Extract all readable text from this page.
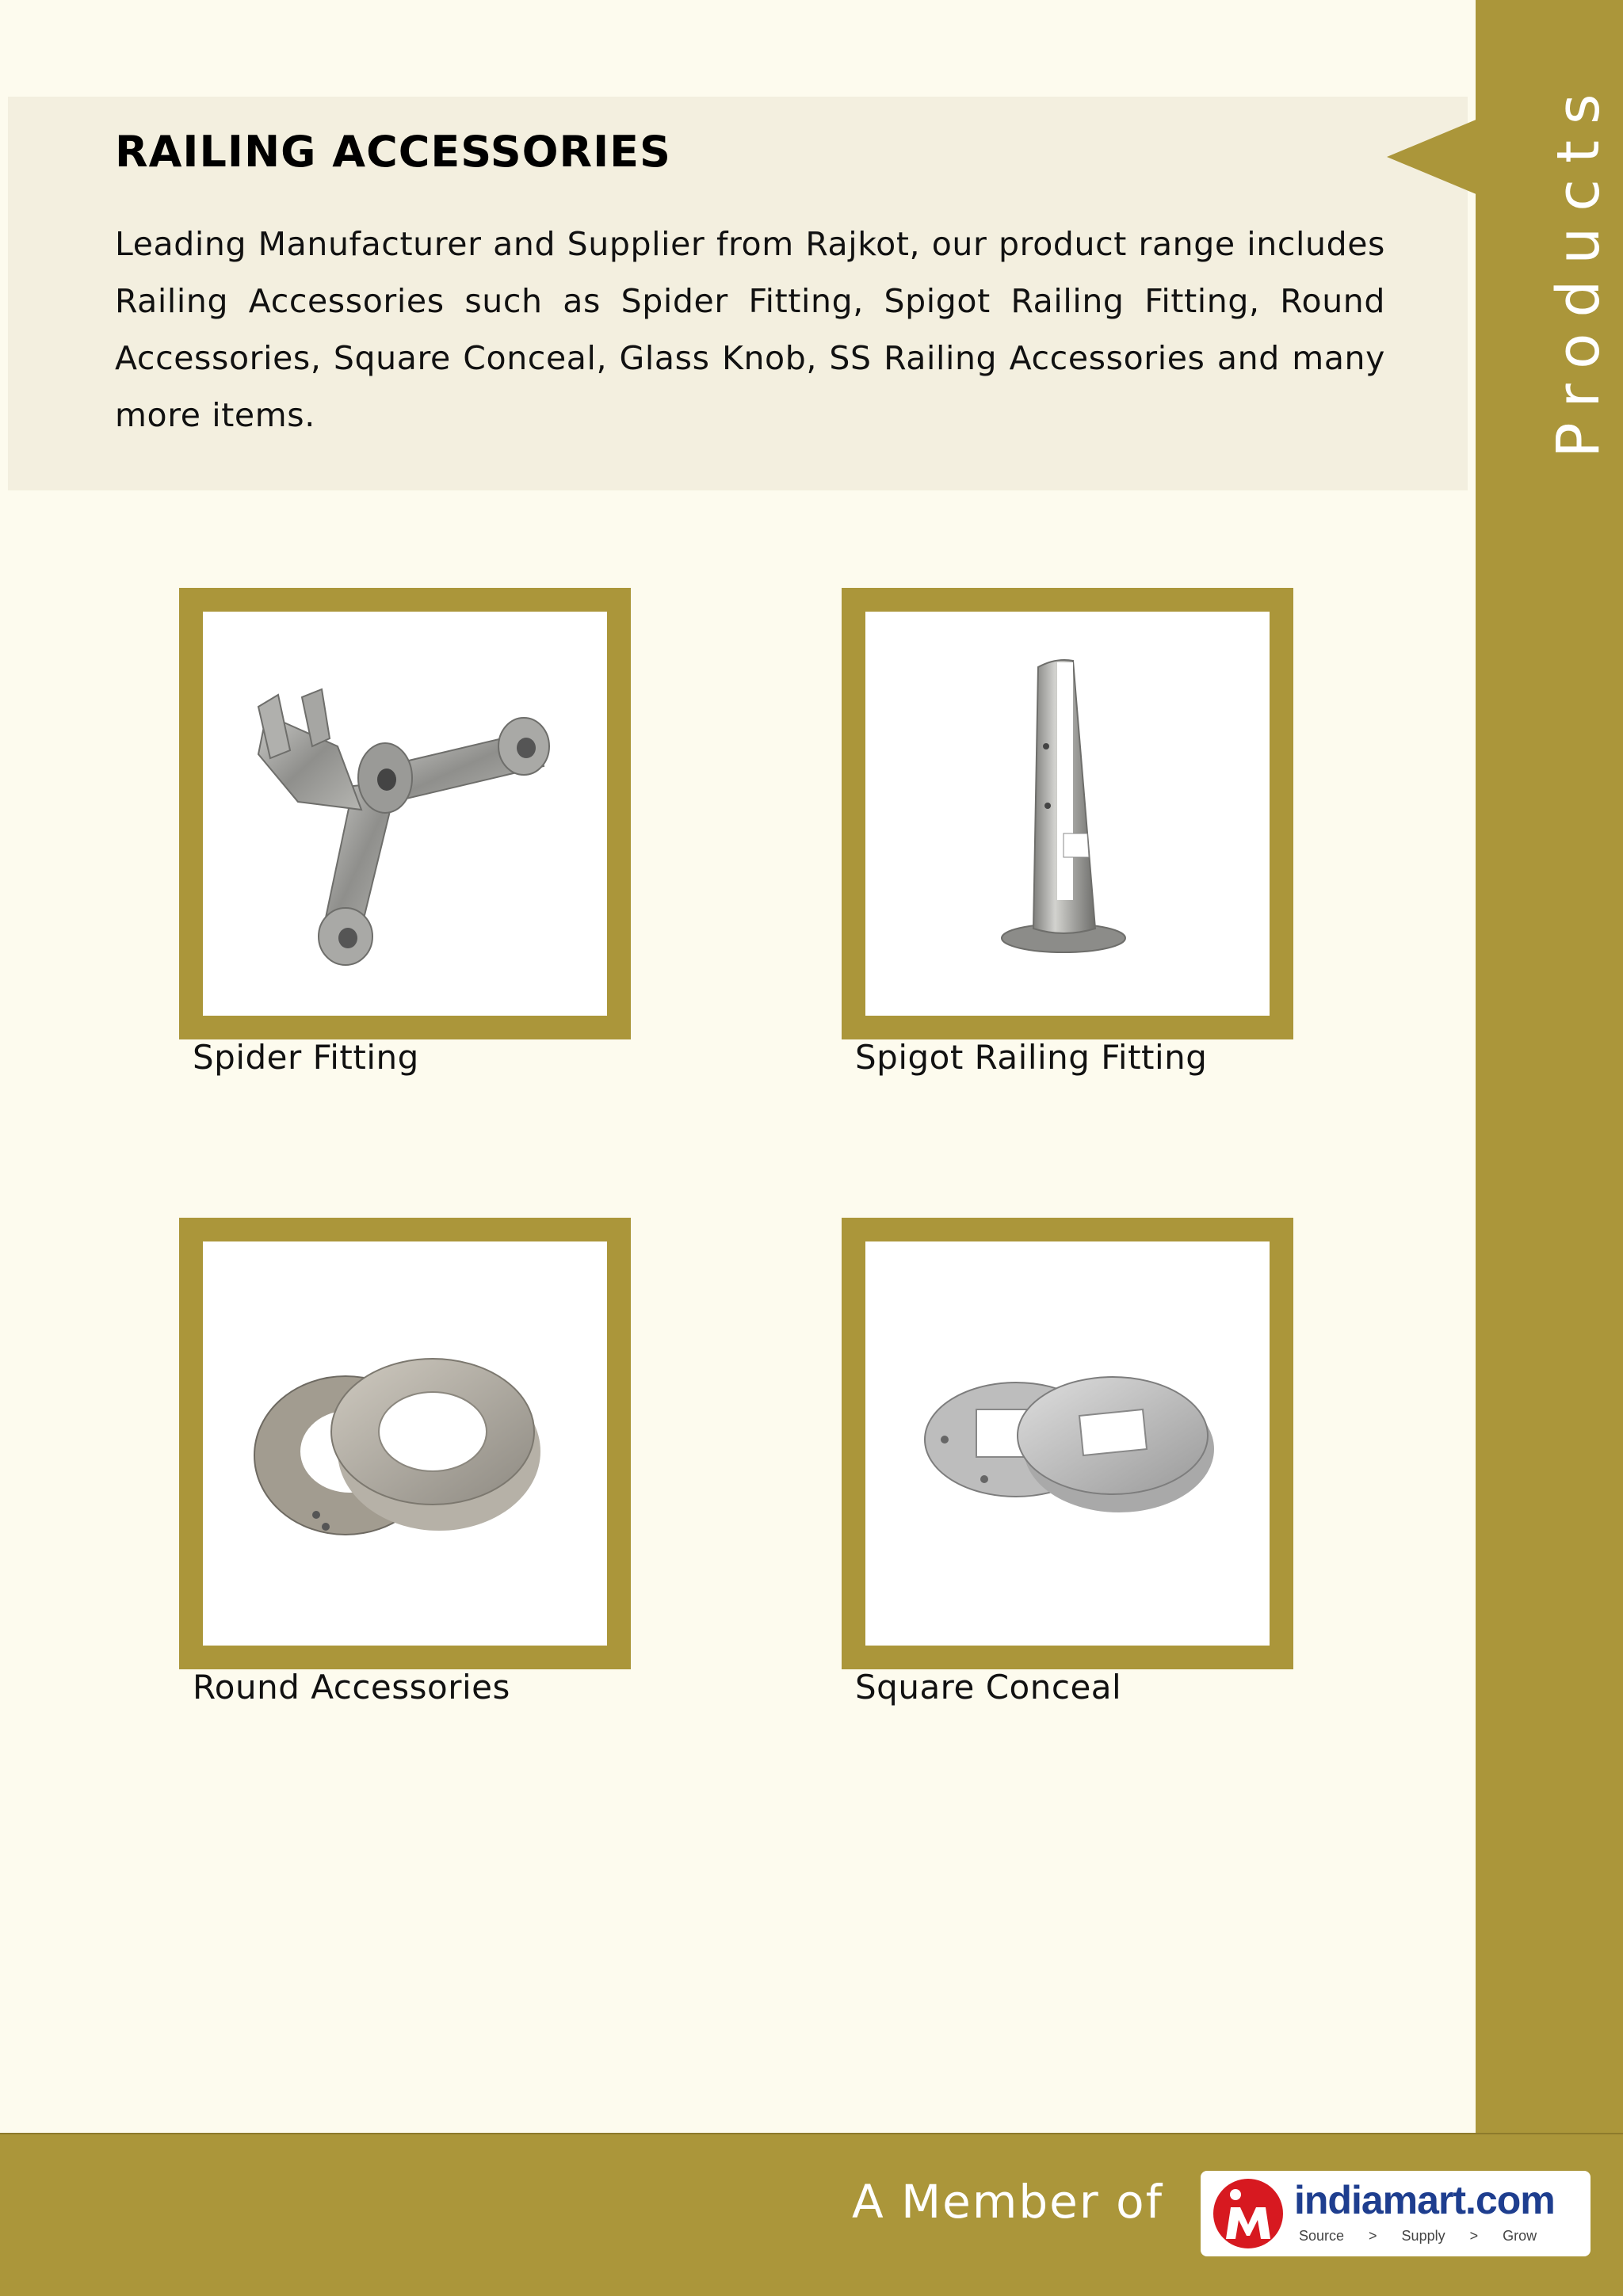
RAILING ACCESSORIES

Leading Manufacturer and Supplier from Rajkot, our product range includes Railing Accessories such as Spider Fitting, Spigot Railing Fitting, Round Accessories, Square Conceal, Glass Knob, SS Railing Accessories and many more items.	Products

Spider Fitting	Spigot Railing Fitting

Round Accessories	Square Conceal

A Member of	indiamart.com
Source > Supply > Grow
